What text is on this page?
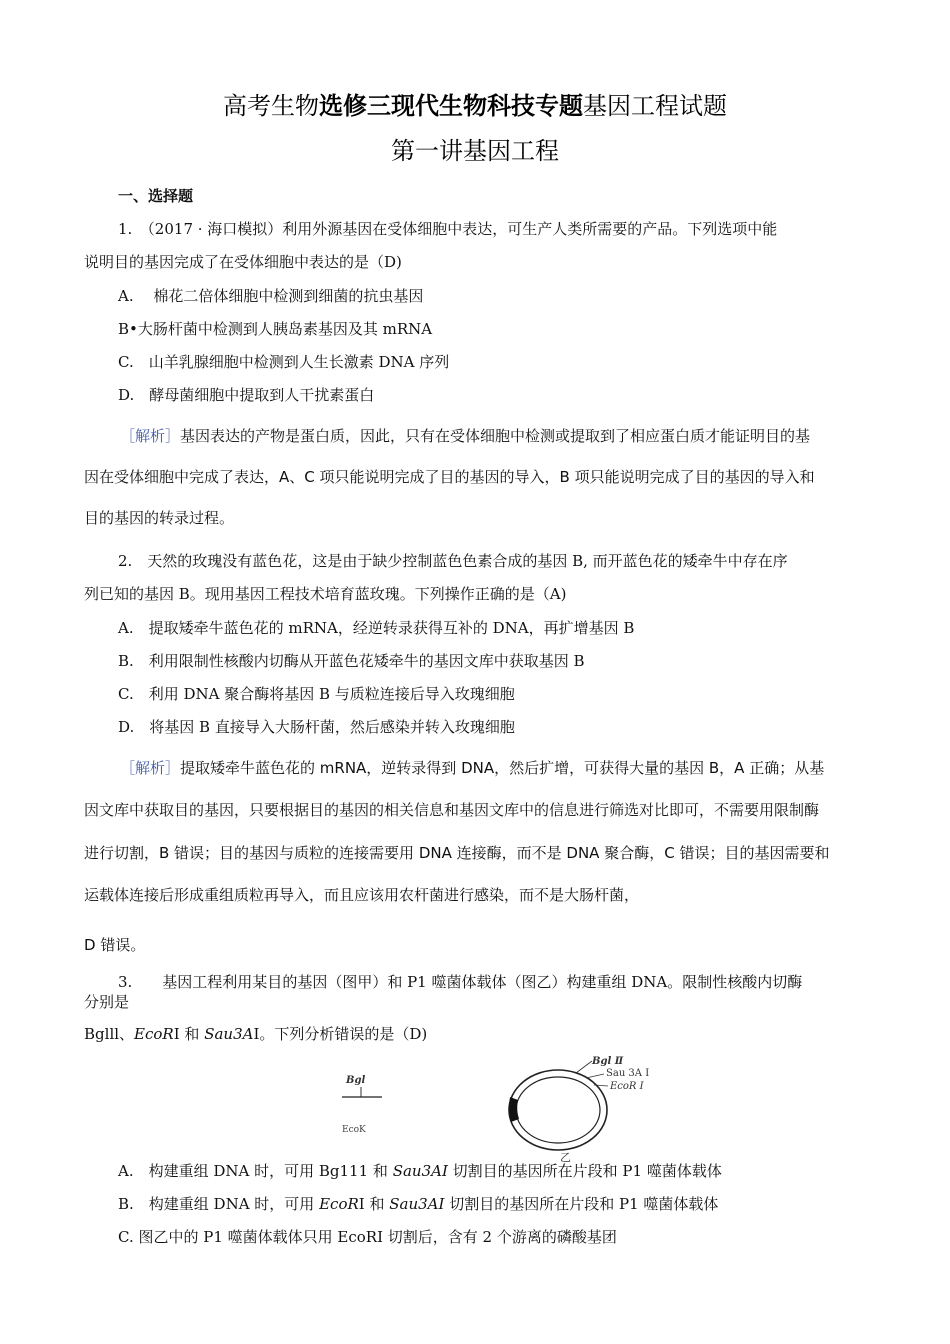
高考生物选修三现代生物科技专题基因工程试题
第一讲基因工程
一、选择题
1.　（2017 · 海口模拟）利用外源基因在受体细胞中表达，可生产人类所需要的产品。下列选项中能
说明目的基因完成了在受体细胞中表达的是（D)
A.　 棉花二倍体细胞中检测到细菌的抗虫基因
B•大肠杆菌中检测到人胰岛素基因及其 mRNA
C.　山羊乳腺细胞中检测到人生长激素 DNA 序列
D.　酵母菌细胞中提取到人干扰素蛋白
［解析］基因表达的产物是蛋白质，因此，只有在受体细胞中检测或提取到了相应蛋白质才能证明目的基
因在受体细胞中完成了表达，A、C 项只能说明完成了目的基因的导入，B 项只能说明完成了目的基因的导入和
目的基因的转录过程。
2.　天然的玫瑰没有蓝色花，这是由于缺少控制蓝色色素合成的基因 B, 而开蓝色花的矮牵牛中存在序
列已知的基因 B。现用基因工程技术培育蓝玫瑰。下列操作正确的是（A)
A.　提取矮牵牛蓝色花的 mRNA，经逆转录获得互补的 DNA，再扩增基因 B
B.　利用限制性核酸内切酶从开蓝色花矮牵牛的基因文库中获取基因 B
C.　利用 DNA 聚合酶将基因 B 与质粒连接后导入玫瑰细胞
D.　将基因 B 直接导入大肠杆菌，然后感染并转入玫瑰细胞
［解析］提取矮牵牛蓝色花的 mRNA，逆转录得到 DNA，然后扩增，可获得大量的基因 B，A 正确；从基
因文库中获取目的基因，只要根据目的基因的相关信息和基因文库中的信息进行筛选对比即可，不需要用限制酶
进行切割，B 错误；目的基因与质粒的连接需要用 DNA 连接酶，而不是 DNA 聚合酶，C 错误；目的基因需要和
运载体连接后形成重组质粒再导入，而且应该用农杆菌进行感染，而不是大肠杆菌，
D 错误。
3.　　基因工程利用某目的基因（图甲）和 P1 噬菌体载体（图乙）构建重组 DNA。限制性核酸内切酶
分别是
Bglll、EcoRI 和 Sau3AI。下列分析错误的是（D)
Bgl
EcoK
Bgl Ⅱ
Sau 3A Ⅰ
EcoR Ⅰ
乙
A.　构建重组 DNA 时，可用 Bg111 和 Sau3AI 切割目的基因所在片段和 P1 噬菌体载体
B.　构建重组 DNA 时，可用 EcoRI 和 Sau3AI 切割目的基因所在片段和 P1 噬菌体载体
C. 图乙中的 P1 噬菌体载体只用 EcoRI 切割后，含有 2 个游离的磷酸基团
